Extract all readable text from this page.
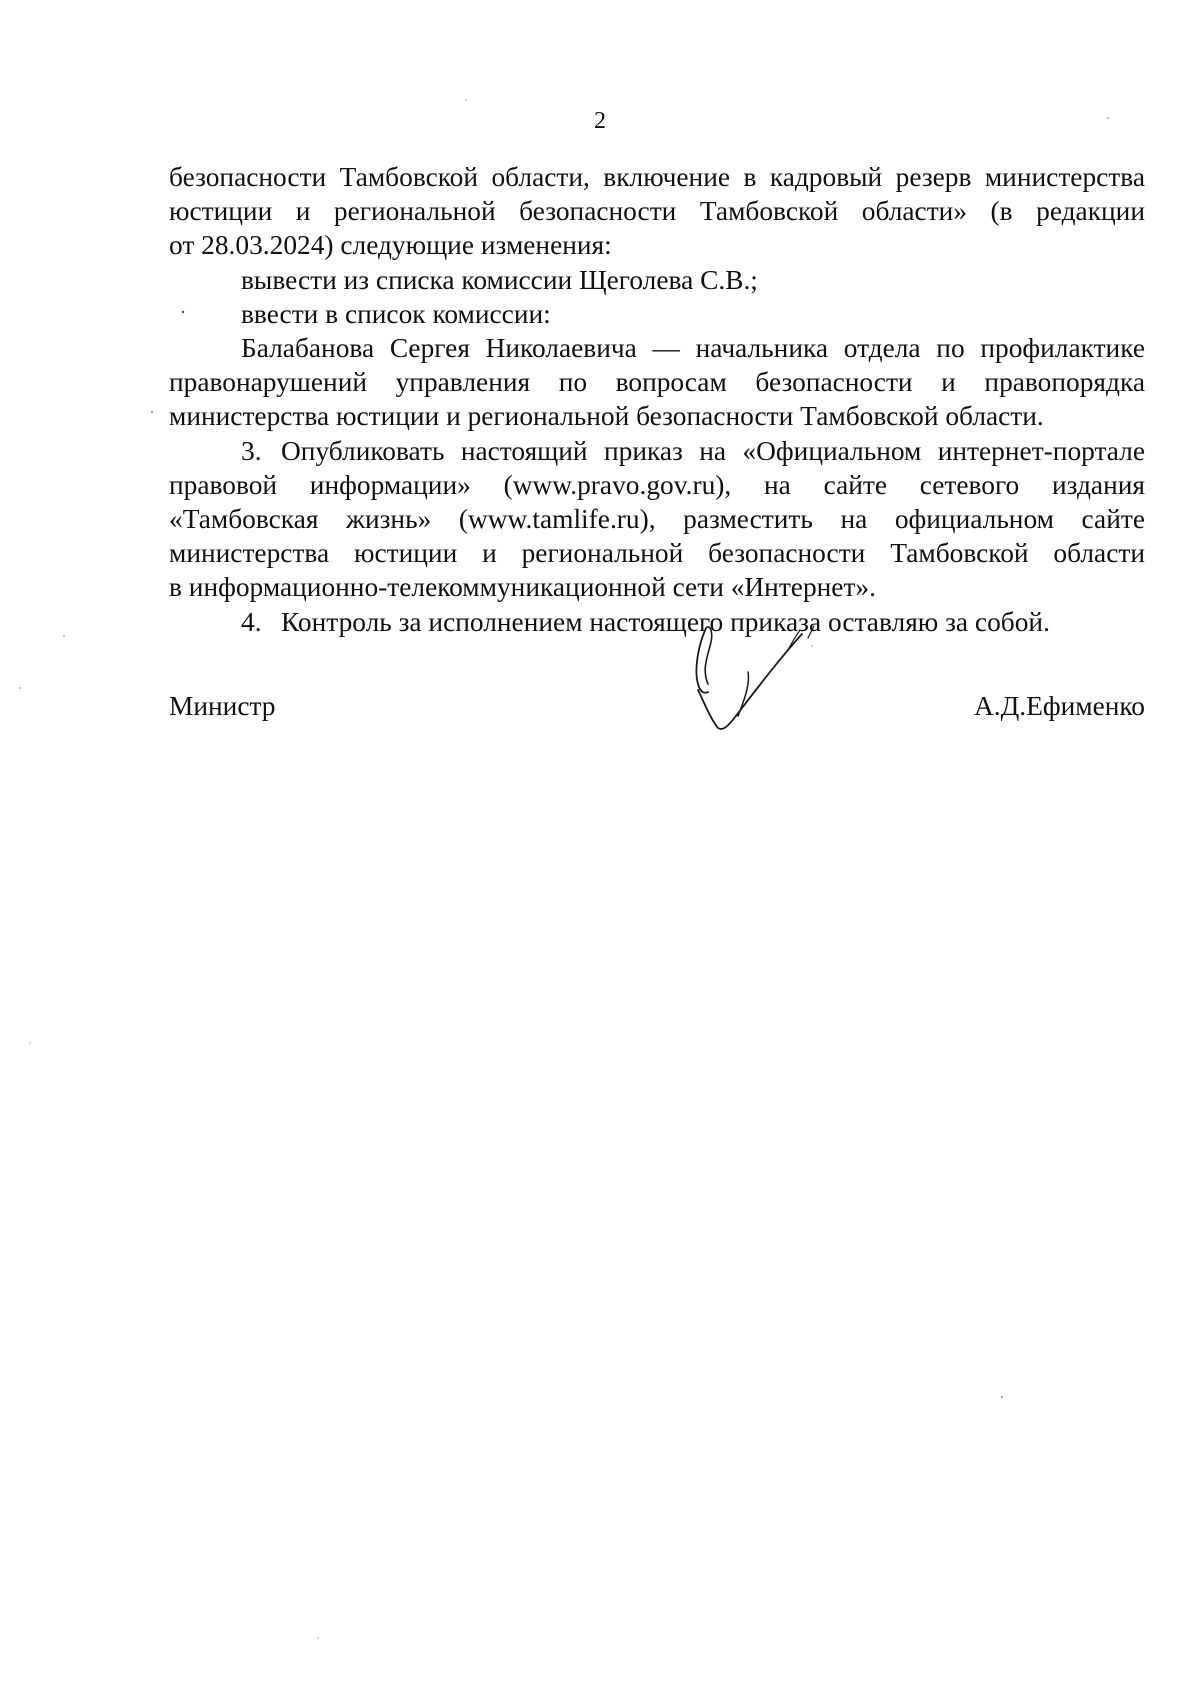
2

безопасности Тамбовской области, включение в кадровый резерв министерства

юстиции и региональной безопасности Тамбовской области» (в редакции

от 28.03.2024) следующие изменения:

вывести из списка комиссии Щеголева С.В.;

ввести в список комиссии:

Балабанова Сергея Николаевича — начальника отдела по профилактике

правонарушений управления по вопросам безопасности и правопорядка

министерства юстиции и региональной безопасности Тамбовской области.

3. Опубликовать настоящий приказ на «Официальном интернет-портале

правовой информации» (www.pravo.gov.ru), на сайте сетевого издания

«Тамбовская жизнь» (www.tamlife.ru), разместить на официальном сайте

министерства юстиции и региональной безопасности Тамбовской области

в информационно-телекоммуникационной сети «Интернет».

4. Контроль за исполнением настоящего приказа оставляю за собой.

Министр	А.Д.Ефименко
